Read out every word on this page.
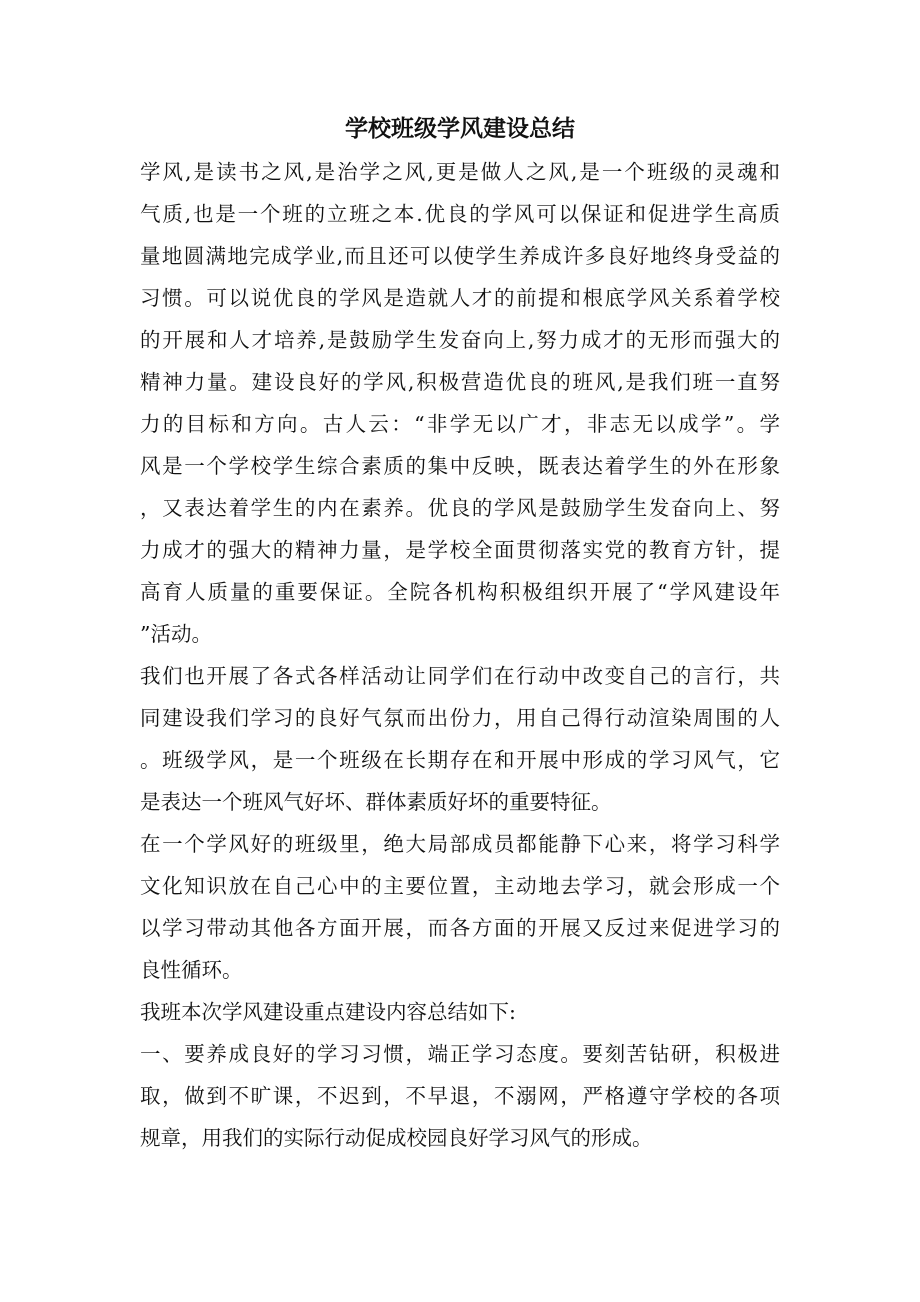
学校班级学风建设总结
学风,是读书之风,是治学之风,更是做人之风,是一个班级的灵魂和
气质,也是一个班的立班之本.优良的学风可以保证和促进学生高质
量地圆满地完成学业,而且还可以使学生养成许多良好地终身受益的
习惯。可以说优良的学风是造就人才的前提和根底学风关系着学校
的开展和人才培养,是鼓励学生发奋向上,努力成才的无形而强大的
精神力量。建设良好的学风,积极营造优良的班风,是我们班一直努
力的目标和方向。古人云：“非学无以广才，非志无以成学”。学
风是一个学校学生综合素质的集中反映，既表达着学生的外在形象
，又表达着学生的内在素养。优良的学风是鼓励学生发奋向上、努
力成才的强大的精神力量，是学校全面贯彻落实党的教育方针，提
高育人质量的重要保证。全院各机构积极组织开展了“学风建设年
”活动。
我们也开展了各式各样活动让同学们在行动中改变自己的言行，共
同建设我们学习的良好气氛而出份力，用自己得行动渲染周围的人
。班级学风，是一个班级在长期存在和开展中形成的学习风气，它
是表达一个班风气好坏、群体素质好坏的重要特征。
在一个学风好的班级里，绝大局部成员都能静下心来，将学习科学
文化知识放在自己心中的主要位置，主动地去学习，就会形成一个
以学习带动其他各方面开展，而各方面的开展又反过来促进学习的
良性循环。
我班本次学风建设重点建设内容总结如下:
一、要养成良好的学习习惯，端正学习态度。要刻苦钻研，积极进
取，做到不旷课，不迟到，不早退，不溺网，严格遵守学校的各项
规章，用我们的实际行动促成校园良好学习风气的形成。
